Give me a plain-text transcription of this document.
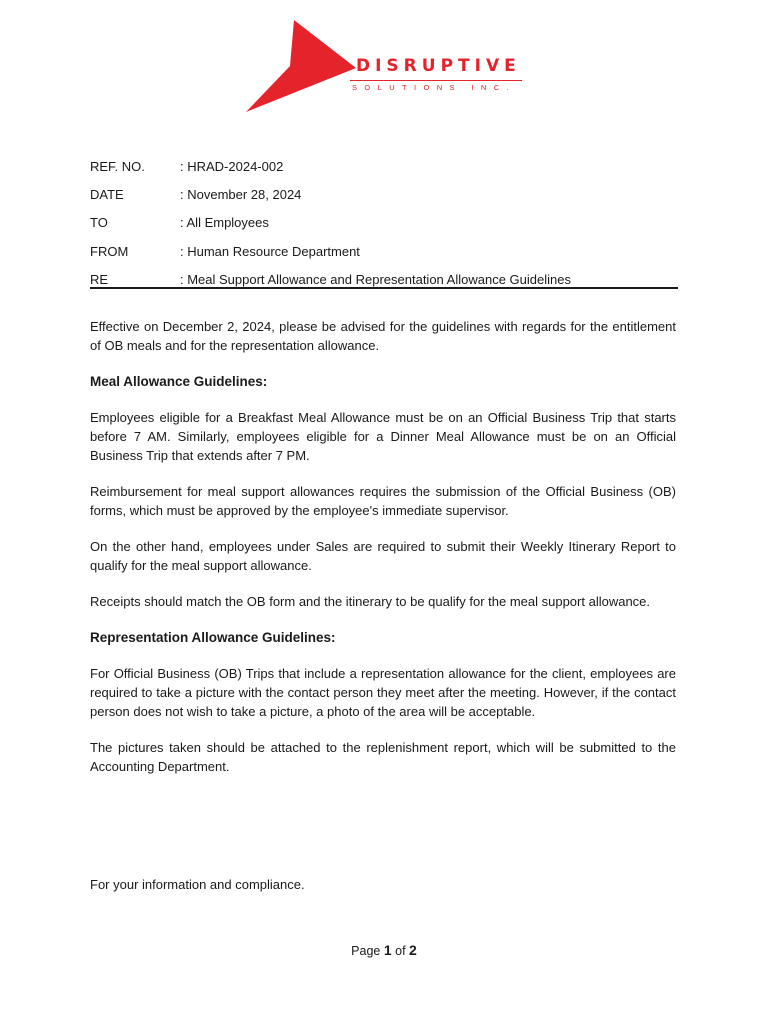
DISRUPTIVE
SOLUTIONS INC.
REF. NO.	: HRAD-2024-002
DATE	: November 28, 2024
TO	: All Employees
FROM	: Human Resource Department
RE	: Meal Support Allowance and Representation Allowance Guidelines

Effective on December 2, 2024, please be advised for the guidelines with regards for the entitlement of OB meals and for the representation allowance.

Meal Allowance Guidelines:

Employees eligible for a Breakfast Meal Allowance must be on an Official Business Trip that starts before 7 AM. Similarly, employees eligible for a Dinner Meal Allowance must be on an Official Business Trip that extends after 7 PM.

Reimbursement for meal support allowances requires the submission of the Official Business (OB) forms, which must be approved by the employee's immediate supervisor.

On the other hand, employees under Sales are required to submit their Weekly Itinerary Report to qualify for the meal support allowance.

Receipts should match the OB form and the itinerary to be qualify for the meal support allowance.

Representation Allowance Guidelines:

For Official Business (OB) Trips that include a representation allowance for the client, employees are required to take a picture with the contact person they meet after the meeting. However, if the contact person does not wish to take a picture, a photo of the area will be acceptable.

The pictures taken should be attached to the replenishment report, which will be submitted to the Accounting Department.

For your information and compliance.
Page 1 of 2
